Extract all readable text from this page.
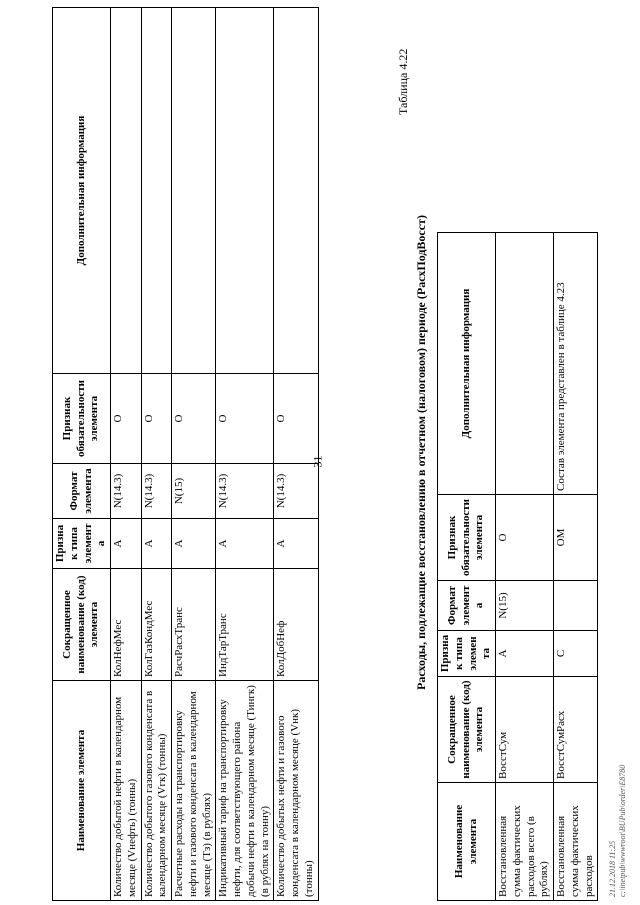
31
Наименование элемента	Сокращенное наименование (код) элемента	Признак типа элемента	Формат элемента	Признак обязательности элемента	Дополнительная информация
Количество добытой нефти в календарном месяце (Vнефть) (тонны)	КолНефМес	А	N(14.3)	О	
Количество добытого газового конденсата в календарном месяце (Vгк) (тонны)	КолГазКондМес	А	N(14.3)	О	
Расчетные расходы на транспортировку нефти и газового конденсата в календарном месяце (Тз) (в рублях)	РасчРасхТранс	А	N(15)	О	
Индикативный тариф на транспортировку нефти, для соответствующего района добычи нефти в календарном месяце (Тингк) (в рублях на тонну)	ИндТарТранс	А	N(14.3)	О	
Количество добытых нефти и газового конденсата в календарном месяце (Vнк) (тонны)	КолДобНеф	А	N(14.3)	О	
Таблица 4.22
Расходы, подлежащие восстановлению в отчетном (налоговом) периоде (РасхПодВосст)
Наименование элемента	Сокращенное наименование (код) элемента	Признак типа элемента	Формат элемента	Признак обязательности элемента	Дополнительная информация
Восстановленная сумма фактических расходов всего (в рублях)	ВосстСум	А	N(15)	О	
Восстановленная сумма фактических расходов	ВосстСумРасх	С		ОМ	Состав элемента представлен в таблице 4.23
21.12.2018 11:25 c:\inetpub\wwwroot\BUPub\order\E8780
